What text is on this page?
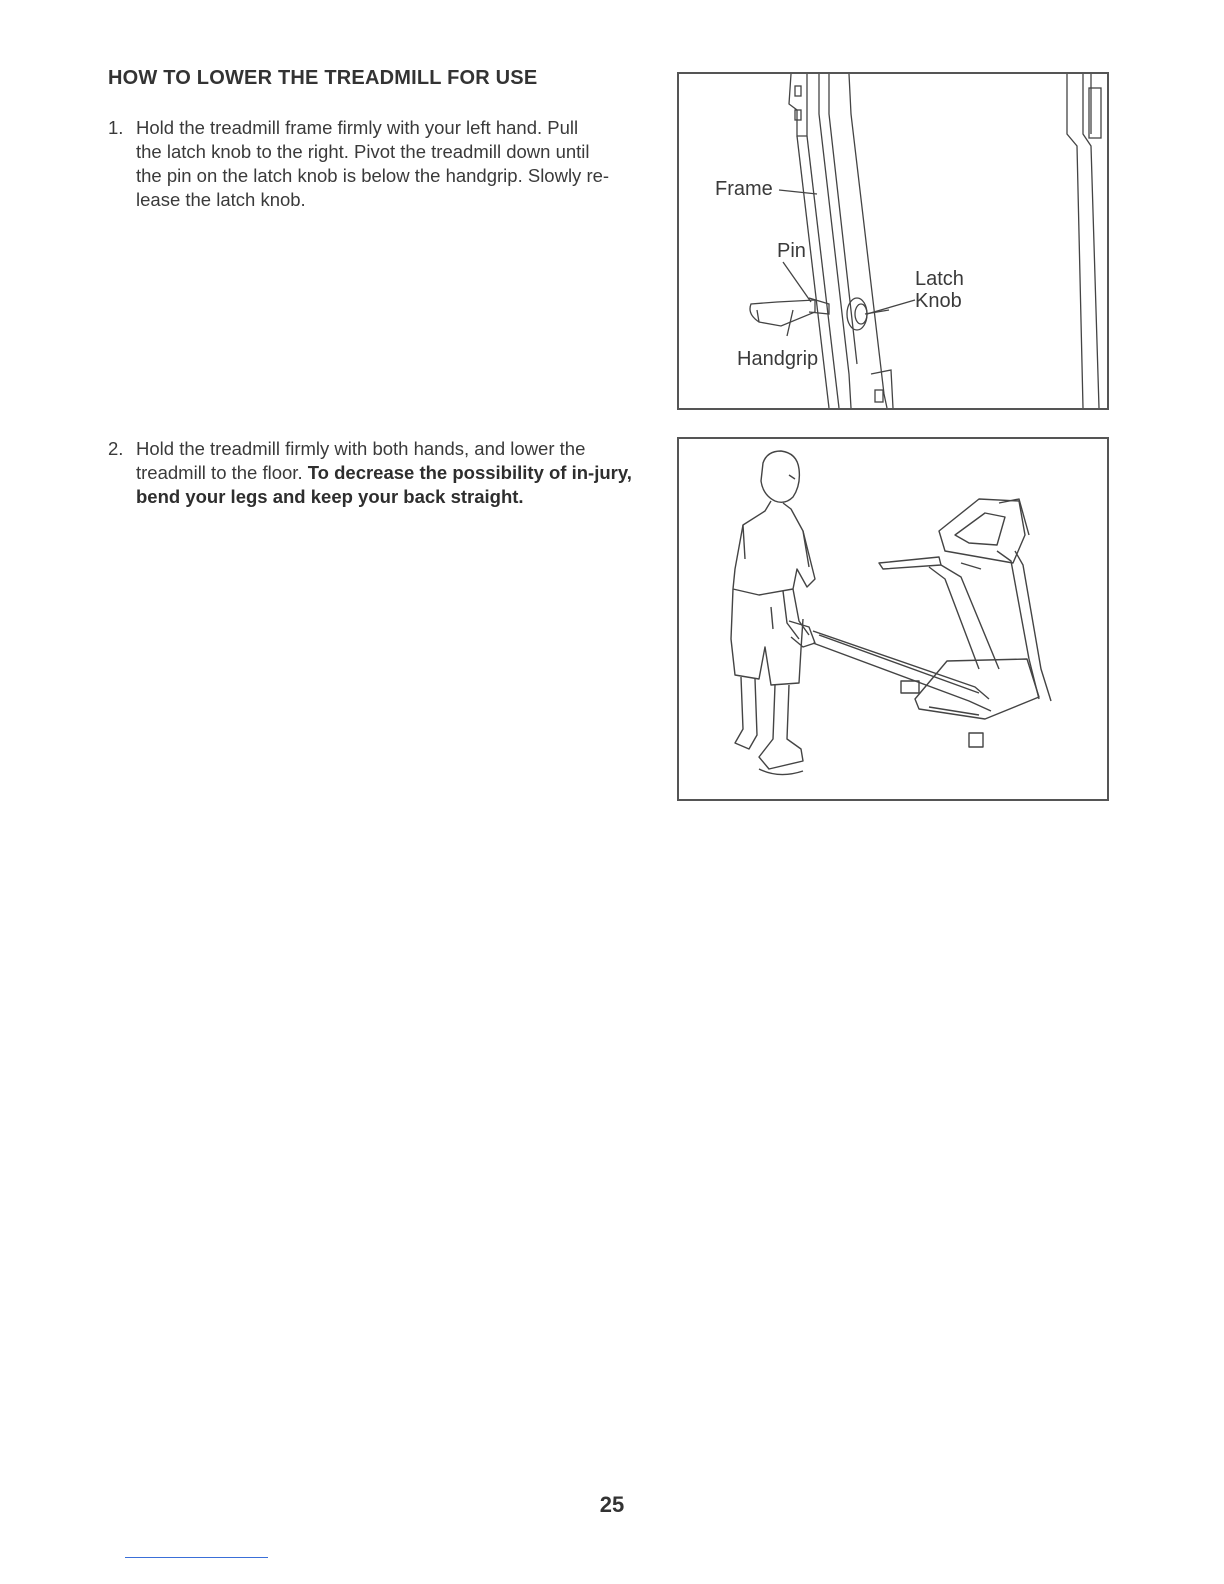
HOW TO LOWER THE TREADMILL FOR USE
1. Hold the treadmill frame firmly with your left hand. Pull
the latch knob to the right. Pivot the treadmill down until
the pin on the latch knob is below the handgrip. Slowly re-
lease the latch knob.
2. Hold the treadmill firmly with both hands, and lower the treadmill to the floor. To decrease the possibility of in-jury, bend your legs and keep your back straight.
Frame
Pin
Latch
Knob
Handgrip
25
